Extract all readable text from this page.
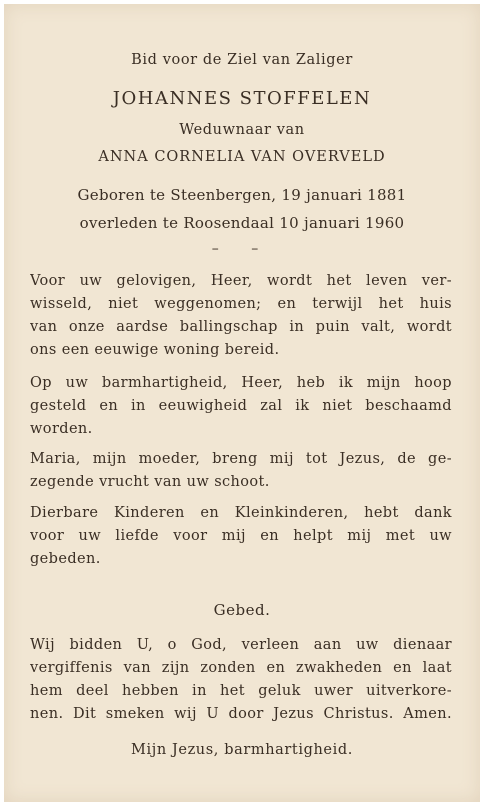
Bid voor de Ziel van Zaliger
JOHANNES STOFFELEN
Weduwnaar van
ANNA CORNELIA VAN OVERVELD
Geboren te Steenbergen, 19 januari 1881
overleden te Roosendaal 10 januari 1960
– –
Voor uw gelovigen, Heer, wordt het leven ver-
wisseld, niet weggenomen; en terwijl het huis
van onze aardse ballingschap in puin valt, wordt
ons een eeuwige woning bereid.
Op uw barmhartigheid, Heer, heb ik mijn hoop
gesteld en in eeuwigheid zal ik niet beschaamd
worden.
Maria, mijn moeder, breng mij tot Jezus, de ge-
zegende vrucht van uw schoot.
Dierbare Kinderen en Kleinkinderen, hebt dank
voor uw liefde voor mij en helpt mij met uw
gebeden.
Gebed.
Wij bidden U, o God, verleen aan uw dienaar
vergiffenis van zijn zonden en zwakheden en laat
hem deel hebben in het geluk uwer uitverkore-
nen. Dit smeken wij U door Jezus Christus. Amen.
Mijn Jezus, barmhartigheid.
